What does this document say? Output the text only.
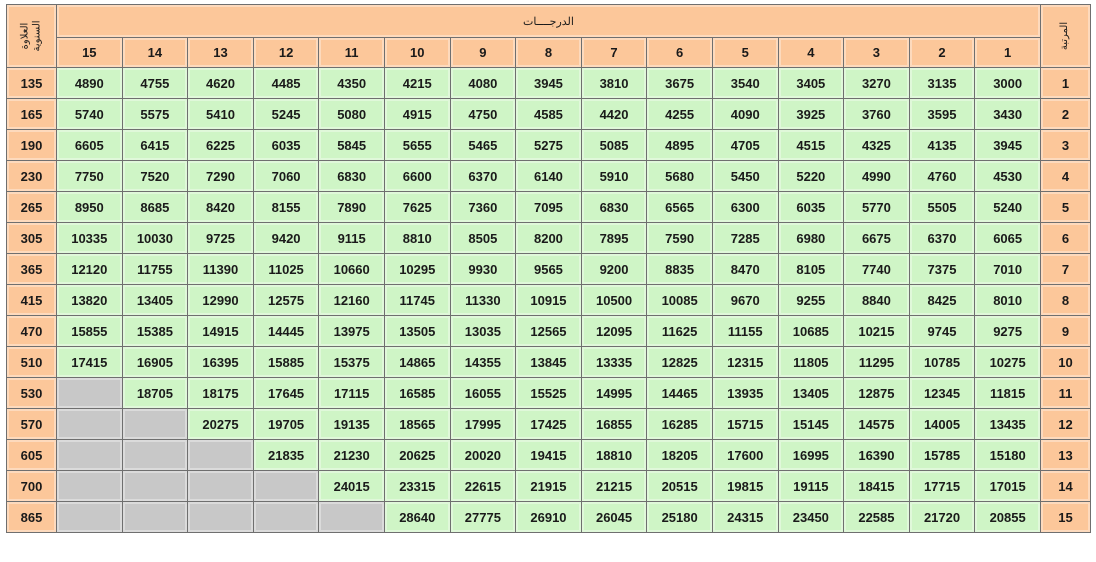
العلاوة
السنوية	الدرجــــات															المرتبة
	15	14	13	12	11	10	9	8	7	6	5	4	3	2	1	
135	4890	4755	4620	4485	4350	4215	4080	3945	3810	3675	3540	3405	3270	3135	3000	1
165	5740	5575	5410	5245	5080	4915	4750	4585	4420	4255	4090	3925	3760	3595	3430	2
190	6605	6415	6225	6035	5845	5655	5465	5275	5085	4895	4705	4515	4325	4135	3945	3
230	7750	7520	7290	7060	6830	6600	6370	6140	5910	5680	5450	5220	4990	4760	4530	4
265	8950	8685	8420	8155	7890	7625	7360	7095	6830	6565	6300	6035	5770	5505	5240	5
305	10335	10030	9725	9420	9115	8810	8505	8200	7895	7590	7285	6980	6675	6370	6065	6
365	12120	11755	11390	11025	10660	10295	9930	9565	9200	8835	8470	8105	7740	7375	7010	7
415	13820	13405	12990	12575	12160	11745	11330	10915	10500	10085	9670	9255	8840	8425	8010	8
470	15855	15385	14915	14445	13975	13505	13035	12565	12095	11625	11155	10685	10215	9745	9275	9
510	17415	16905	16395	15885	15375	14865	14355	13845	13335	12825	12315	11805	11295	10785	10275	10
530		18705	18175	17645	17115	16585	16055	15525	14995	14465	13935	13405	12875	12345	11815	11
570			20275	19705	19135	18565	17995	17425	16855	16285	15715	15145	14575	14005	13435	12
605				21835	21230	20625	20020	19415	18810	18205	17600	16995	16390	15785	15180	13
700					24015	23315	22615	21915	21215	20515	19815	19115	18415	17715	17015	14
865						28640	27775	26910	26045	25180	24315	23450	22585	21720	20855	15
